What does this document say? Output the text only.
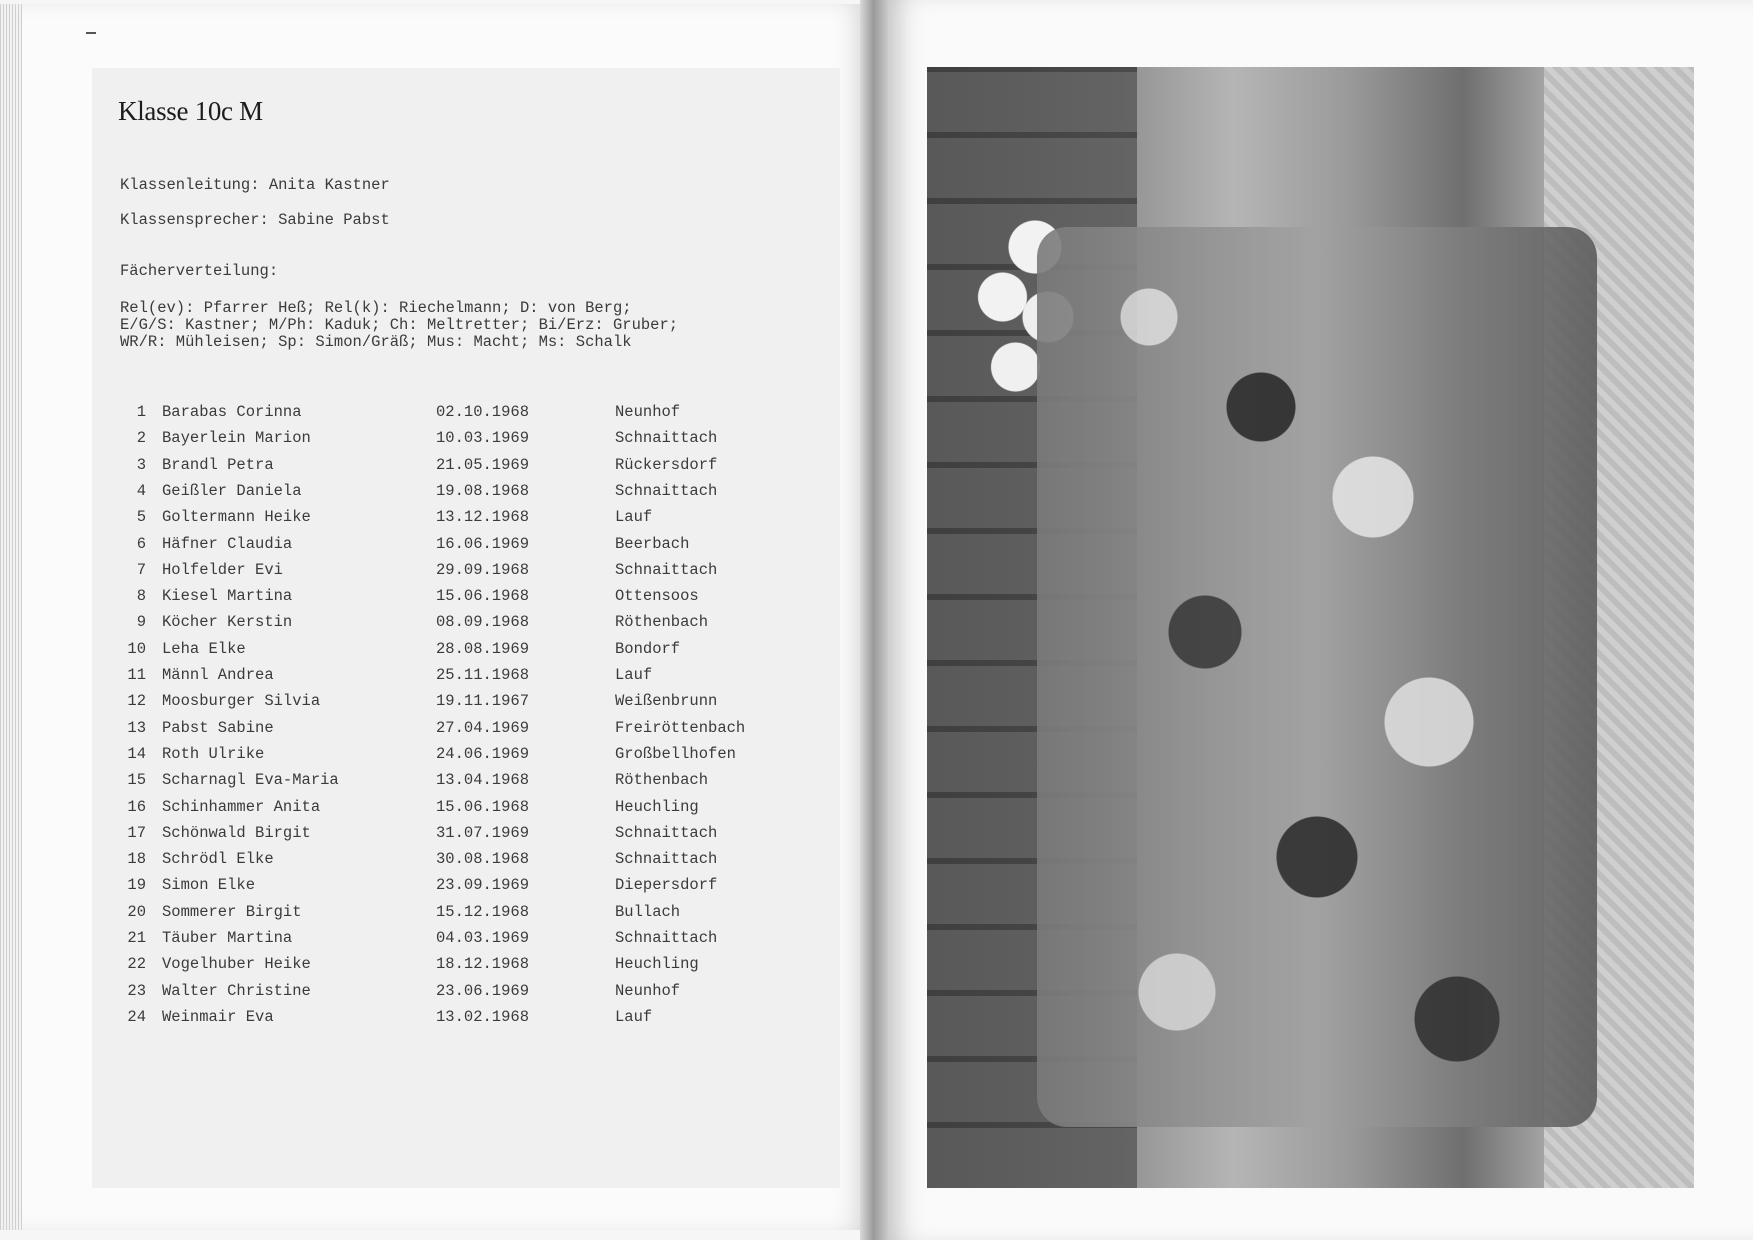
Klasse 10c M
Klassenleitung: Anita Kastner
Klassensprecher: Sabine Pabst
Fächerverteilung:
Rel(ev): Pfarrer Heß; Rel(k): Riechelmann; D: von Berg;
E/G/S: Kastner; M/Ph: Kaduk; Ch: Meltretter; Bi/Erz: Gruber;
WR/R: Mühleisen; Sp: Simon/Gräß; Mus: Macht; Ms: Schalk
1 Barabas Corinna	02.10.1968	Neunhof
2 Bayerlein Marion	10.03.1969	Schnaittach
3 Brandl Petra	21.05.1969	Rückersdorf
4 Geißler Daniela	19.08.1968	Schnaittach
5 Goltermann Heike	13.12.1968	Lauf
6 Häfner Claudia	16.06.1969	Beerbach
7 Holfelder Evi	29.09.1968	Schnaittach
8 Kiesel Martina	15.06.1968	Ottensoos
9 Köcher Kerstin	08.09.1968	Röthenbach
10 Leha Elke	28.08.1969	Bondorf
11 Männl Andrea	25.11.1968	Lauf
12 Moosburger Silvia	19.11.1967	Weißenbrunn
13 Pabst Sabine	27.04.1969	Freiröttenbach
14 Roth Ulrike	24.06.1969	Großbellhofen
15 Scharnagl Eva-Maria	13.04.1968	Röthenbach
16 Schinhammer Anita	15.06.1968	Heuchling
17 Schönwald Birgit	31.07.1969	Schnaittach
18 Schrödl Elke	30.08.1968	Schnaittach
19 Simon Elke	23.09.1969	Diepersdorf
20 Sommerer Birgit	15.12.1968	Bullach
21 Täuber Martina	04.03.1969	Schnaittach
22 Vogelhuber Heike	18.12.1968	Heuchling
23 Walter Christine	23.06.1969	Neunhof
24 Weinmair Eva	13.02.1968	Lauf
